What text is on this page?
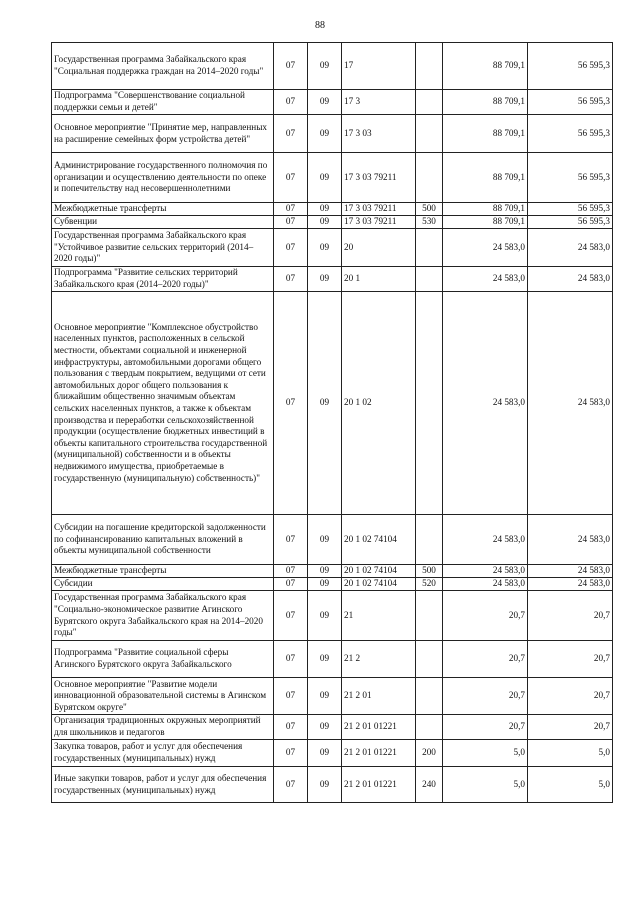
88
Государственная программа Забайкальского края "Социальная поддержка граждан на 2014–2020 годы"	07	09	17		88 709,1	56 595,3
Подпрограмма "Совершенствование социальной поддержки семьи и детей"	07	09	17 3		88 709,1	56 595,3
Основное мероприятие "Принятие мер, направленных на расширение семейных форм устройства детей"	07	09	17 3 03		88 709,1	56 595,3
Администрирование государственного полномочия по организации и осуществлению деятельности по опеке и попечительству над несовершеннолетними	07	09	17 3 03 79211		88 709,1	56 595,3
Межбюджетные трансферты	07	09	17 3 03 79211	500	88 709,1	56 595,3
Субвенции	07	09	17 3 03 79211	530	88 709,1	56 595,3
Государственная программа Забайкальского края "Устойчивое развитие сельских территорий (2014–2020 годы)"	07	09	20		24 583,0	24 583,0
Подпрограмма "Развитие сельских территорий Забайкальского края (2014–2020 годы)"	07	09	20 1		24 583,0	24 583,0
Основное мероприятие "Комплексное обустройство населенных пунктов, расположенных в сельской местности, объектами социальной и инженерной инфраструктуры, автомобильными дорогами общего пользования с твердым покрытием, ведущими от сети автомобильных дорог общего пользования к ближайшим общественно значимым объектам сельских населенных пунктов, а также к объектам производства и переработки сельскохозяйственной продукции (осуществление бюджетных инвестиций в объекты капитального строительства государственной (муниципальной) собственности и в объекты недвижимого имущества, приобретаемые в государственную (муниципальную) собственность)"	07	09	20 1 02		24 583,0	24 583,0
Субсидии на погашение кредиторской задолженности по софинансированию капитальных вложений в объекты муниципальной собственности	07	09	20 1 02 74104		24 583,0	24 583,0
Межбюджетные трансферты	07	09	20 1 02 74104	500	24 583,0	24 583,0
Субсидии	07	09	20 1 02 74104	520	24 583,0	24 583,0
Государственная программа Забайкальского края "Социально-экономическое развитие Агинского Бурятского округа Забайкальского края на 2014–2020 годы"	07	09	21		20,7	20,7
Подпрограмма "Развитие социальной сферы Агинского Бурятского округа Забайкальского	07	09	21 2		20,7	20,7
Основное мероприятие "Развитие модели инновационной образовательной системы в Агинском Бурятском округе"	07	09	21 2 01		20,7	20,7
Организация традиционных окружных мероприятий для школьников и педагогов	07	09	21 2 01 01221		20,7	20,7
Закупка товаров, работ и услуг для обеспечения государственных (муниципальных) нужд	07	09	21 2 01 01221	200	5,0	5,0
Иные закупки товаров, работ и услуг для обеспечения государственных (муниципальных) нужд	07	09	21 2 01 01221	240	5,0	5,0
